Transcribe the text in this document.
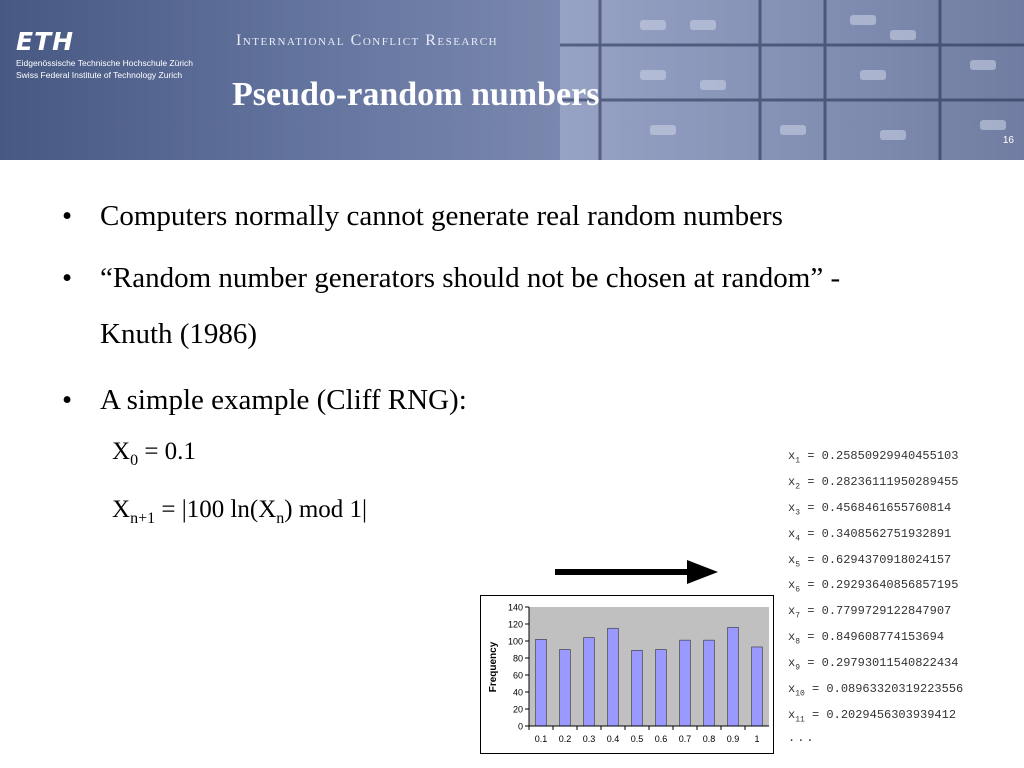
ETH
Eidgenössische Technische Hochschule Zürich
Swiss Federal Institute of Technology Zurich
International Conflict Research
Pseudo-random numbers
16
• Computers normally cannot generate real random numbers
• “Random number generators should not be chosen at random” - Knuth (1986)
• A simple example (Cliff RNG):
$X_0 = 0.1$
$X_{n+1} = |100$ $\ln(X_n)$ mod 1|
Frequency
0
20
40
60
80
100
120
140
0.1 0.2 0.3 0.4 0.5 0.6 0.7 0.8 0.9 1
$x_1 = 0.25850929940455103$
$x_2 = 0.28236111950289455$
$x_3 = 0.4568461655760814$
$x_4 = 0.3408562751932891$
$x_5 = 0.6294370918024157$
$x_6 = 0.29293640856857195$
$x_7 = 0.7799729122847907$
$x_8 = 0.849608774153694$
$x_9 = 0.29793011540822434$
$x_{10} = 0.08963320319223556$
$x_{11} = 0.2029456303939412$
...
